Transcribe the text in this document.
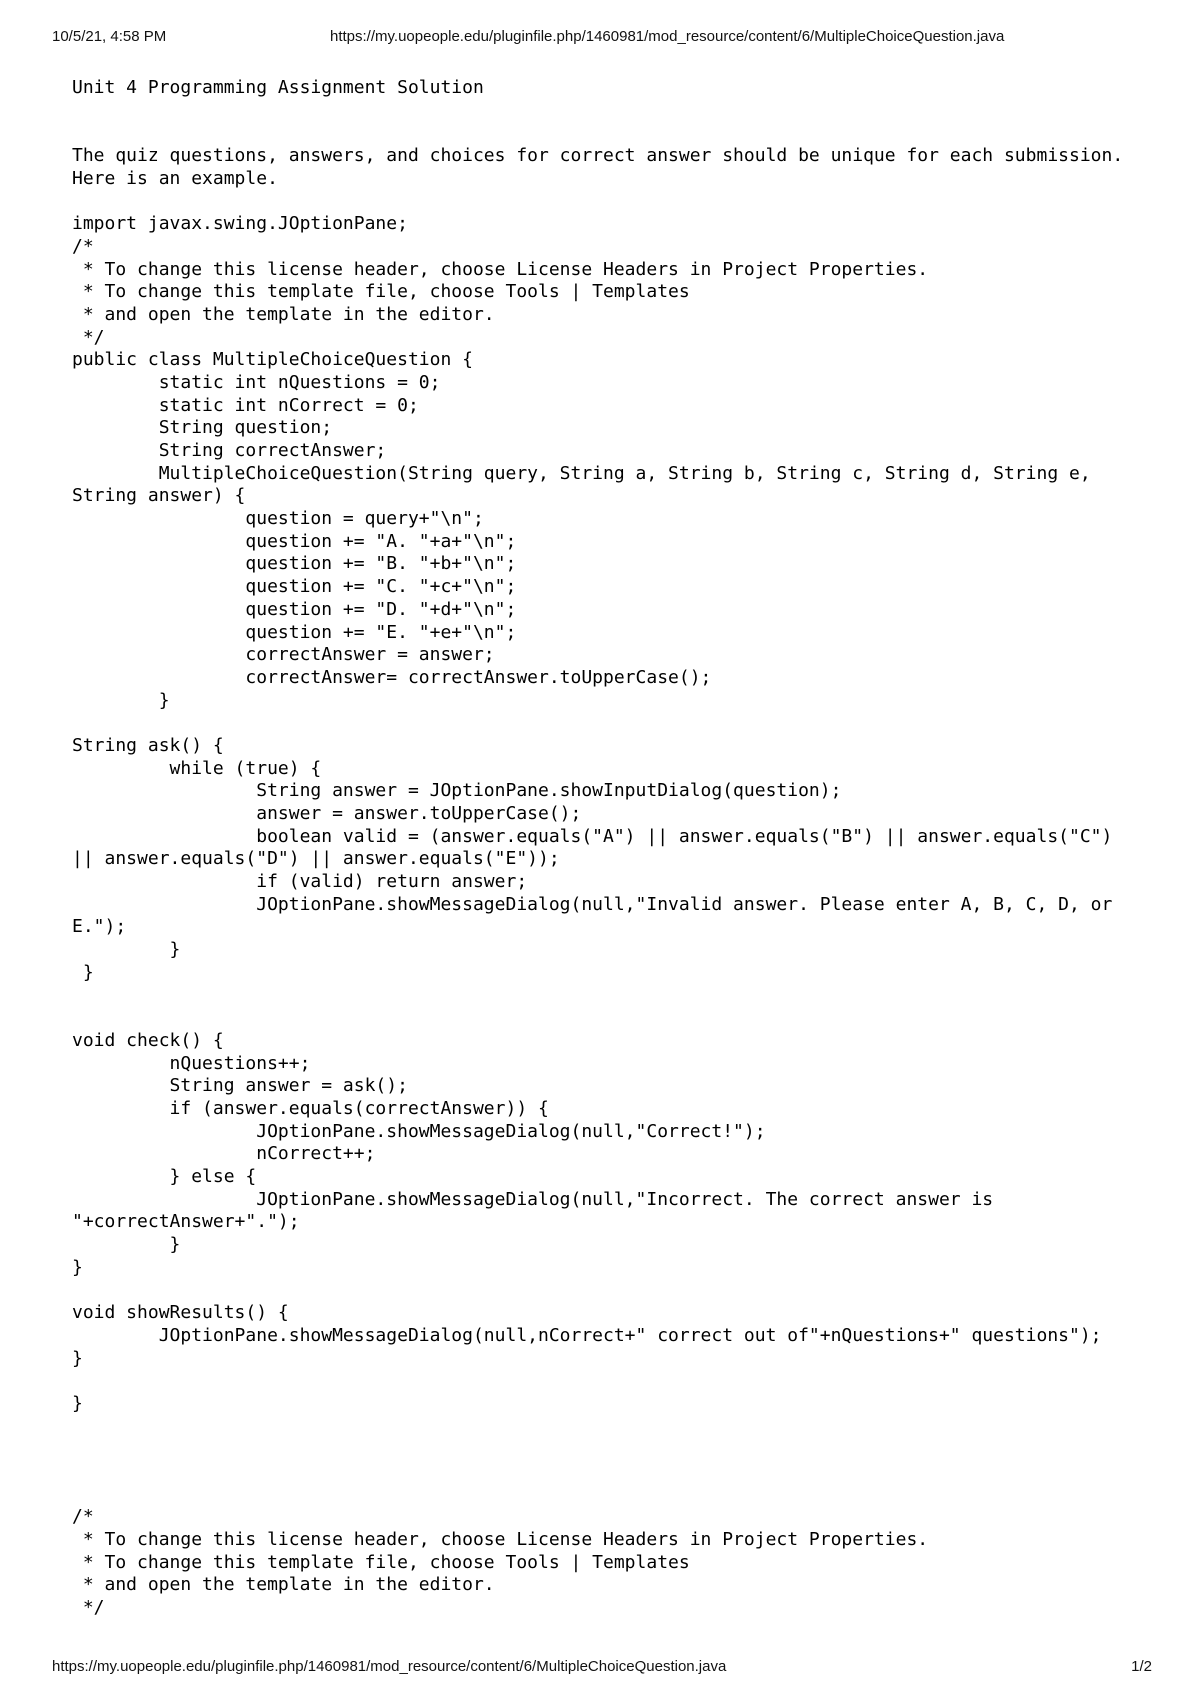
10/5/21, 4:58 PM	https://my.uopeople.edu/pluginfile.php/1460981/mod_resource/content/6/MultipleChoiceQuestion.java
Unit 4 Programming Assignment Solution
The quiz questions, answers, and choices for correct answer should be unique for each submission.
Here is an example.
import javax.swing.JOptionPane;
/*
* To change this license header, choose License Headers in Project Properties.
* To change this template file, choose Tools | Templates
* and open the template in the editor.
*/
public class MultipleChoiceQuestion {
static int nQuestions = 0;
static int nCorrect = 0;
String question;
String correctAnswer;
MultipleChoiceQuestion(String query, String a, String b, String c, String d, String e,
String answer) {
question = query+"\n";
question += "A. "+a+"\n";
question += "B. "+b+"\n";
question += "C. "+c+"\n";
question += "D. "+d+"\n";
question += "E. "+e+"\n";
correctAnswer = answer;
correctAnswer= correctAnswer.toUpperCase();
}
String ask() {
while (true) {
String answer = JOptionPane.showInputDialog(question);
answer = answer.toUpperCase();
boolean valid = (answer.equals("A") || answer.equals("B") || answer.equals("C")
|| answer.equals("D") || answer.equals("E"));
if (valid) return answer;
JOptionPane.showMessageDialog(null,"Invalid answer. Please enter A, B, C, D, or
E.");
}
}
void check() {
nQuestions++;
String answer = ask();
if (answer.equals(correctAnswer)) {
JOptionPane.showMessageDialog(null,"Correct!");
nCorrect++;
} else {
JOptionPane.showMessageDialog(null,"Incorrect. The correct answer is
"+correctAnswer+".");
}
}
void showResults() {
JOptionPane.showMessageDialog(null,nCorrect+" correct out of"+nQuestions+" questions");
}
}
/*
* To change this license header, choose License Headers in Project Properties.
* To change this template file, choose Tools | Templates
* and open the template in the editor.
*/
https://my.uopeople.edu/pluginfile.php/1460981/mod_resource/content/6/MultipleChoiceQuestion.java	1/2
